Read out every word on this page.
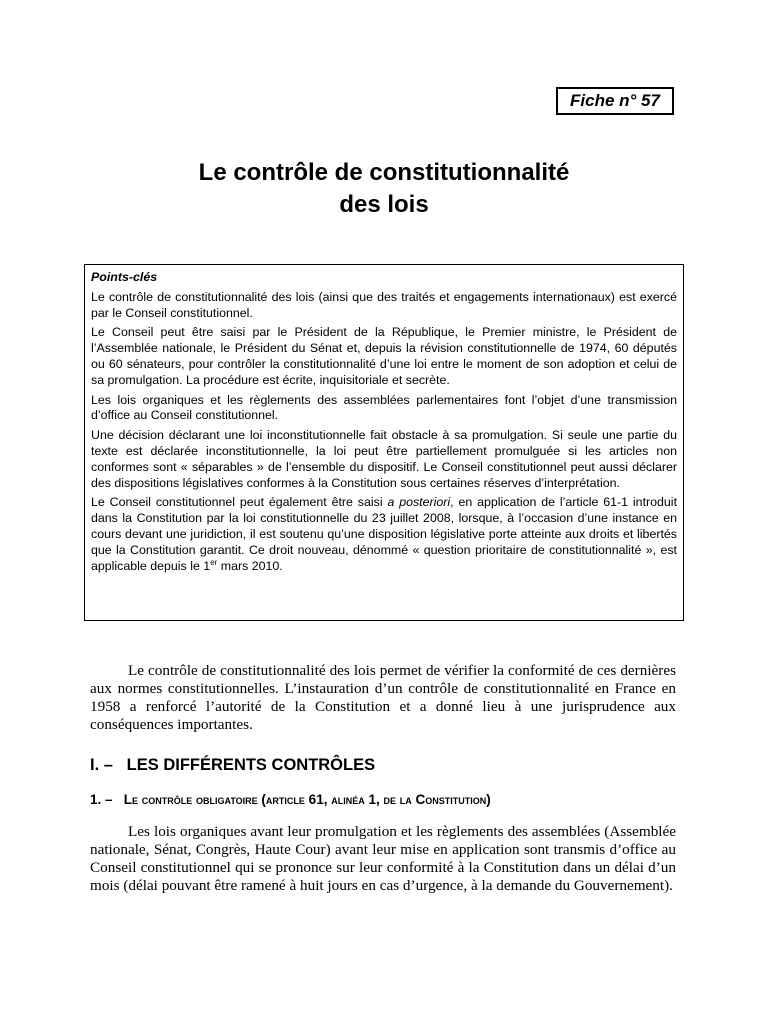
Fiche n° 57
Le contrôle de constitutionnalité
des lois
Points-clés

Le contrôle de constitutionnalité des lois (ainsi que des traités et engagements internationaux) est exercé par le Conseil constitutionnel.

Le Conseil peut être saisi par le Président de la République, le Premier ministre, le Président de l’Assemblée nationale, le Président du Sénat et, depuis la révision constitutionnelle de 1974, 60 députés ou 60 sénateurs, pour contrôler la constitutionnalité d’une loi entre le moment de son adoption et celui de sa promulgation. La procédure est écrite, inquisitoriale et secrète.

Les lois organiques et les règlements des assemblées parlementaires font l’objet d’une transmission d’office au Conseil constitutionnel.

Une décision déclarant une loi inconstitutionnelle fait obstacle à sa promulgation. Si seule une partie du texte est déclarée inconstitutionnelle, la loi peut être partiellement promulguée si les articles non conformes sont « séparables » de l’ensemble du dispositif. Le Conseil constitutionnel peut aussi déclarer des dispositions législatives conformes à la Constitution sous certaines réserves d’interprétation.

Le Conseil constitutionnel peut également être saisi a posteriori, en application de l’article 61-1 introduit dans la Constitution par la loi constitutionnelle du 23 juillet 2008, lorsque, à l’occasion d’une instance en cours devant une juridiction, il est soutenu qu’une disposition législative porte atteinte aux droits et libertés que la Constitution garantit. Ce droit nouveau, dénommé « question prioritaire de constitutionnalité », est applicable depuis le 1er mars 2010.

Le contrôle de constitutionnalité des lois permet de vérifier la conformité de ces dernières aux normes constitutionnelles. L’instauration d’un contrôle de constitutionnalité en France en 1958 a renforcé l’autorité de la Constitution et a donné lieu à une jurisprudence aux conséquences importantes.

I. –   LES DIFFÉRENTS CONTRÔLES
1. –   Le contrôle obligatoire (article 61, alinéa 1, de la Constitution)

Les lois organiques avant leur promulgation et les règlements des assemblées (Assemblée nationale, Sénat, Congrès, Haute Cour) avant leur mise en application sont transmis d’office au Conseil constitutionnel qui se prononce sur leur conformité à la Constitution dans un délai d’un mois (délai pouvant être ramené à huit jours en cas d’urgence, à la demande du Gouvernement).
